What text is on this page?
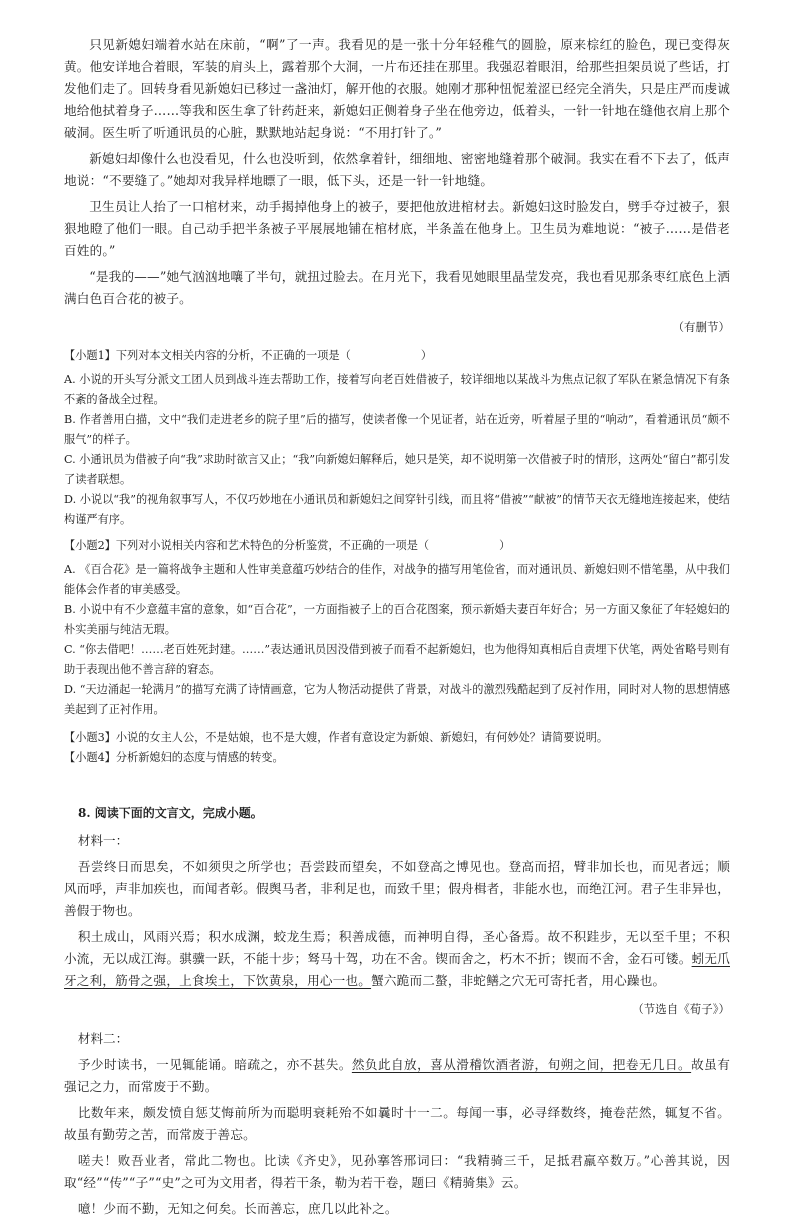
只见新媳妇端着水站在床前，“啊”了一声。我看见的是一张十分年轻稚气的圆脸，原来棕红的脸色，现已变得灰黄。他安详地合着眼，军装的肩头上，露着那个大洞，一片布还挂在那里。我强忍着眼泪，给那些担架员说了些话，打发他们走了。回转身看见新媳妇已移过一盏油灯，解开他的衣服。她刚才那种忸怩羞涩已经完全消失，只是庄严而虔诚地给他拭着身子……等我和医生拿了针药赶来，新媳妇正侧着身子坐在他旁边，低着头，一针一针地在缝他衣肩上那个破洞。医生听了听通讯员的心脏，默默地站起身说：“不用打针了。”

新媳妇却像什么也没看见，什么也没听到，依然拿着针，细细地、密密地缝着那个破洞。我实在看不下去了，低声地说：“不要缝了。”她却对我异样地瞟了一眼，低下头，还是一针一针地缝。

卫生员让人抬了一口棺材来，动手揭掉他身上的被子，要把他放进棺材去。新媳妇这时脸发白，劈手夺过被子，狠狠地瞪了他们一眼。自己动手把半条被子平展展地铺在棺材底，半条盖在他身上。卫生员为难地说：“被子……是借老百姓的。”

“是我的——”她气汹汹地嚷了半句，就扭过脸去。在月光下，我看见她眼里晶莹发亮，我也看见那条枣红底色上洒满白色百合花的被子。

（有删节）
【小题1】下列对本文相关内容的分析，不正确的一项是（	）

A. 小说的开头写分派文工团人员到战斗连去帮助工作，接着写向老百姓借被子，较详细地以某战斗为焦点记叙了军队在紧急情况下有条不紊的备战全过程。

B. 作者善用白描，文中“我们走进老乡的院子里”后的描写，使读者像一个见证者，站在近旁，听着屋子里的“响动”，看着通讯员“颇不服气”的样子。

C. 小通讯员为借被子向“我”求助时欲言又止；“我”向新媳妇解释后，她只是笑，却不说明第一次借被子时的情形，这两处“留白”都引发了读者联想。

D. 小说以“我”的视角叙事写人，不仅巧妙地在小通讯员和新媳妇之间穿针引线，而且将“借被”“献被”的情节天衣无缝地连接起来，使结构谨严有序。

【小题2】下列对小说相关内容和艺术特色的分析鉴赏，不正确的一项是（	）

A. 《百合花》是一篇将战争主题和人性审美意蕴巧妙结合的佳作，对战争的描写用笔俭省，而对通讯员、新媳妇则不惜笔墨，从中我们能体会作者的审美感受。

B. 小说中有不少意蕴丰富的意象，如“百合花”，一方面指被子上的百合花图案，预示新婚夫妻百年好合；另一方面又象征了年轻媳妇的朴实美丽与纯洁无瑕。

C. “你去借吧！……老百姓死封建。……”表达通讯员因没借到被子而看不起新媳妇，也为他得知真相后自责埋下伏笔，两处省略号则有助于表现出他不善言辞的窘态。

D. “天边涌起一轮满月”的描写充满了诗情画意，它为人物活动提供了背景，对战斗的激烈残酷起到了反衬作用，同时对人物的思想情感美起到了正衬作用。

【小题3】小说的女主人公，不是姑娘，也不是大嫂，作者有意设定为新娘、新媳妇，有何妙处？请简要说明。
【小题4】分析新媳妇的态度与情感的转变。
8. 阅读下面的文言文，完成小题。
材料一：

吾尝终日而思矣，不如须臾之所学也；吾尝跂而望矣，不如登高之博见也。登高而招，臂非加长也，而见者远；顺风而呼，声非加疾也，而闻者彰。假舆马者，非利足也，而致千里；假舟楫者，非能水也，而绝江河。君子生非异也，善假于物也。

积土成山，风雨兴焉；积水成渊，蛟龙生焉；积善成德，而神明自得，圣心备焉。故不积跬步，无以至千里；不积小流，无以成江海。骐骥一跃，不能十步；驽马十驾，功在不舍。锲而舍之，朽木不折；锲而不舍，金石可镂。蚓无爪牙之利，筋骨之强，上食埃土，下饮黄泉，用心一也。蟹六跪而二螯，非蛇鳝之穴无可寄托者，用心躁也。

（节选自《荀子》）
材料二：

予少时读书，一见辄能诵。暗疏之，亦不甚失。然负此自放，喜从滑稽饮酒者游，旬朔之间，把卷无几日。故虽有强记之力，而常废于不勤。

比数年来，颇发愤自惩艾悔前所为而聪明衰耗殆不如曩时十一二。每闻一事，必寻绎数终，掩卷茫然，辄复不省。故虽有勤劳之苦，而常废于善忘。

嗟夫！败吾业者，常此二物也。比读《齐史》，见孙搴答邢词曰：“我精骑三千，足抵君羸卒数万。”心善其说，因取“经”“传”“子”“史”之可为文用者，得若干条，勒为若干卷，题曰《精骑集》云。

噫！少而不勤，无知之何矣。长而善忘，庶几以此补之。
